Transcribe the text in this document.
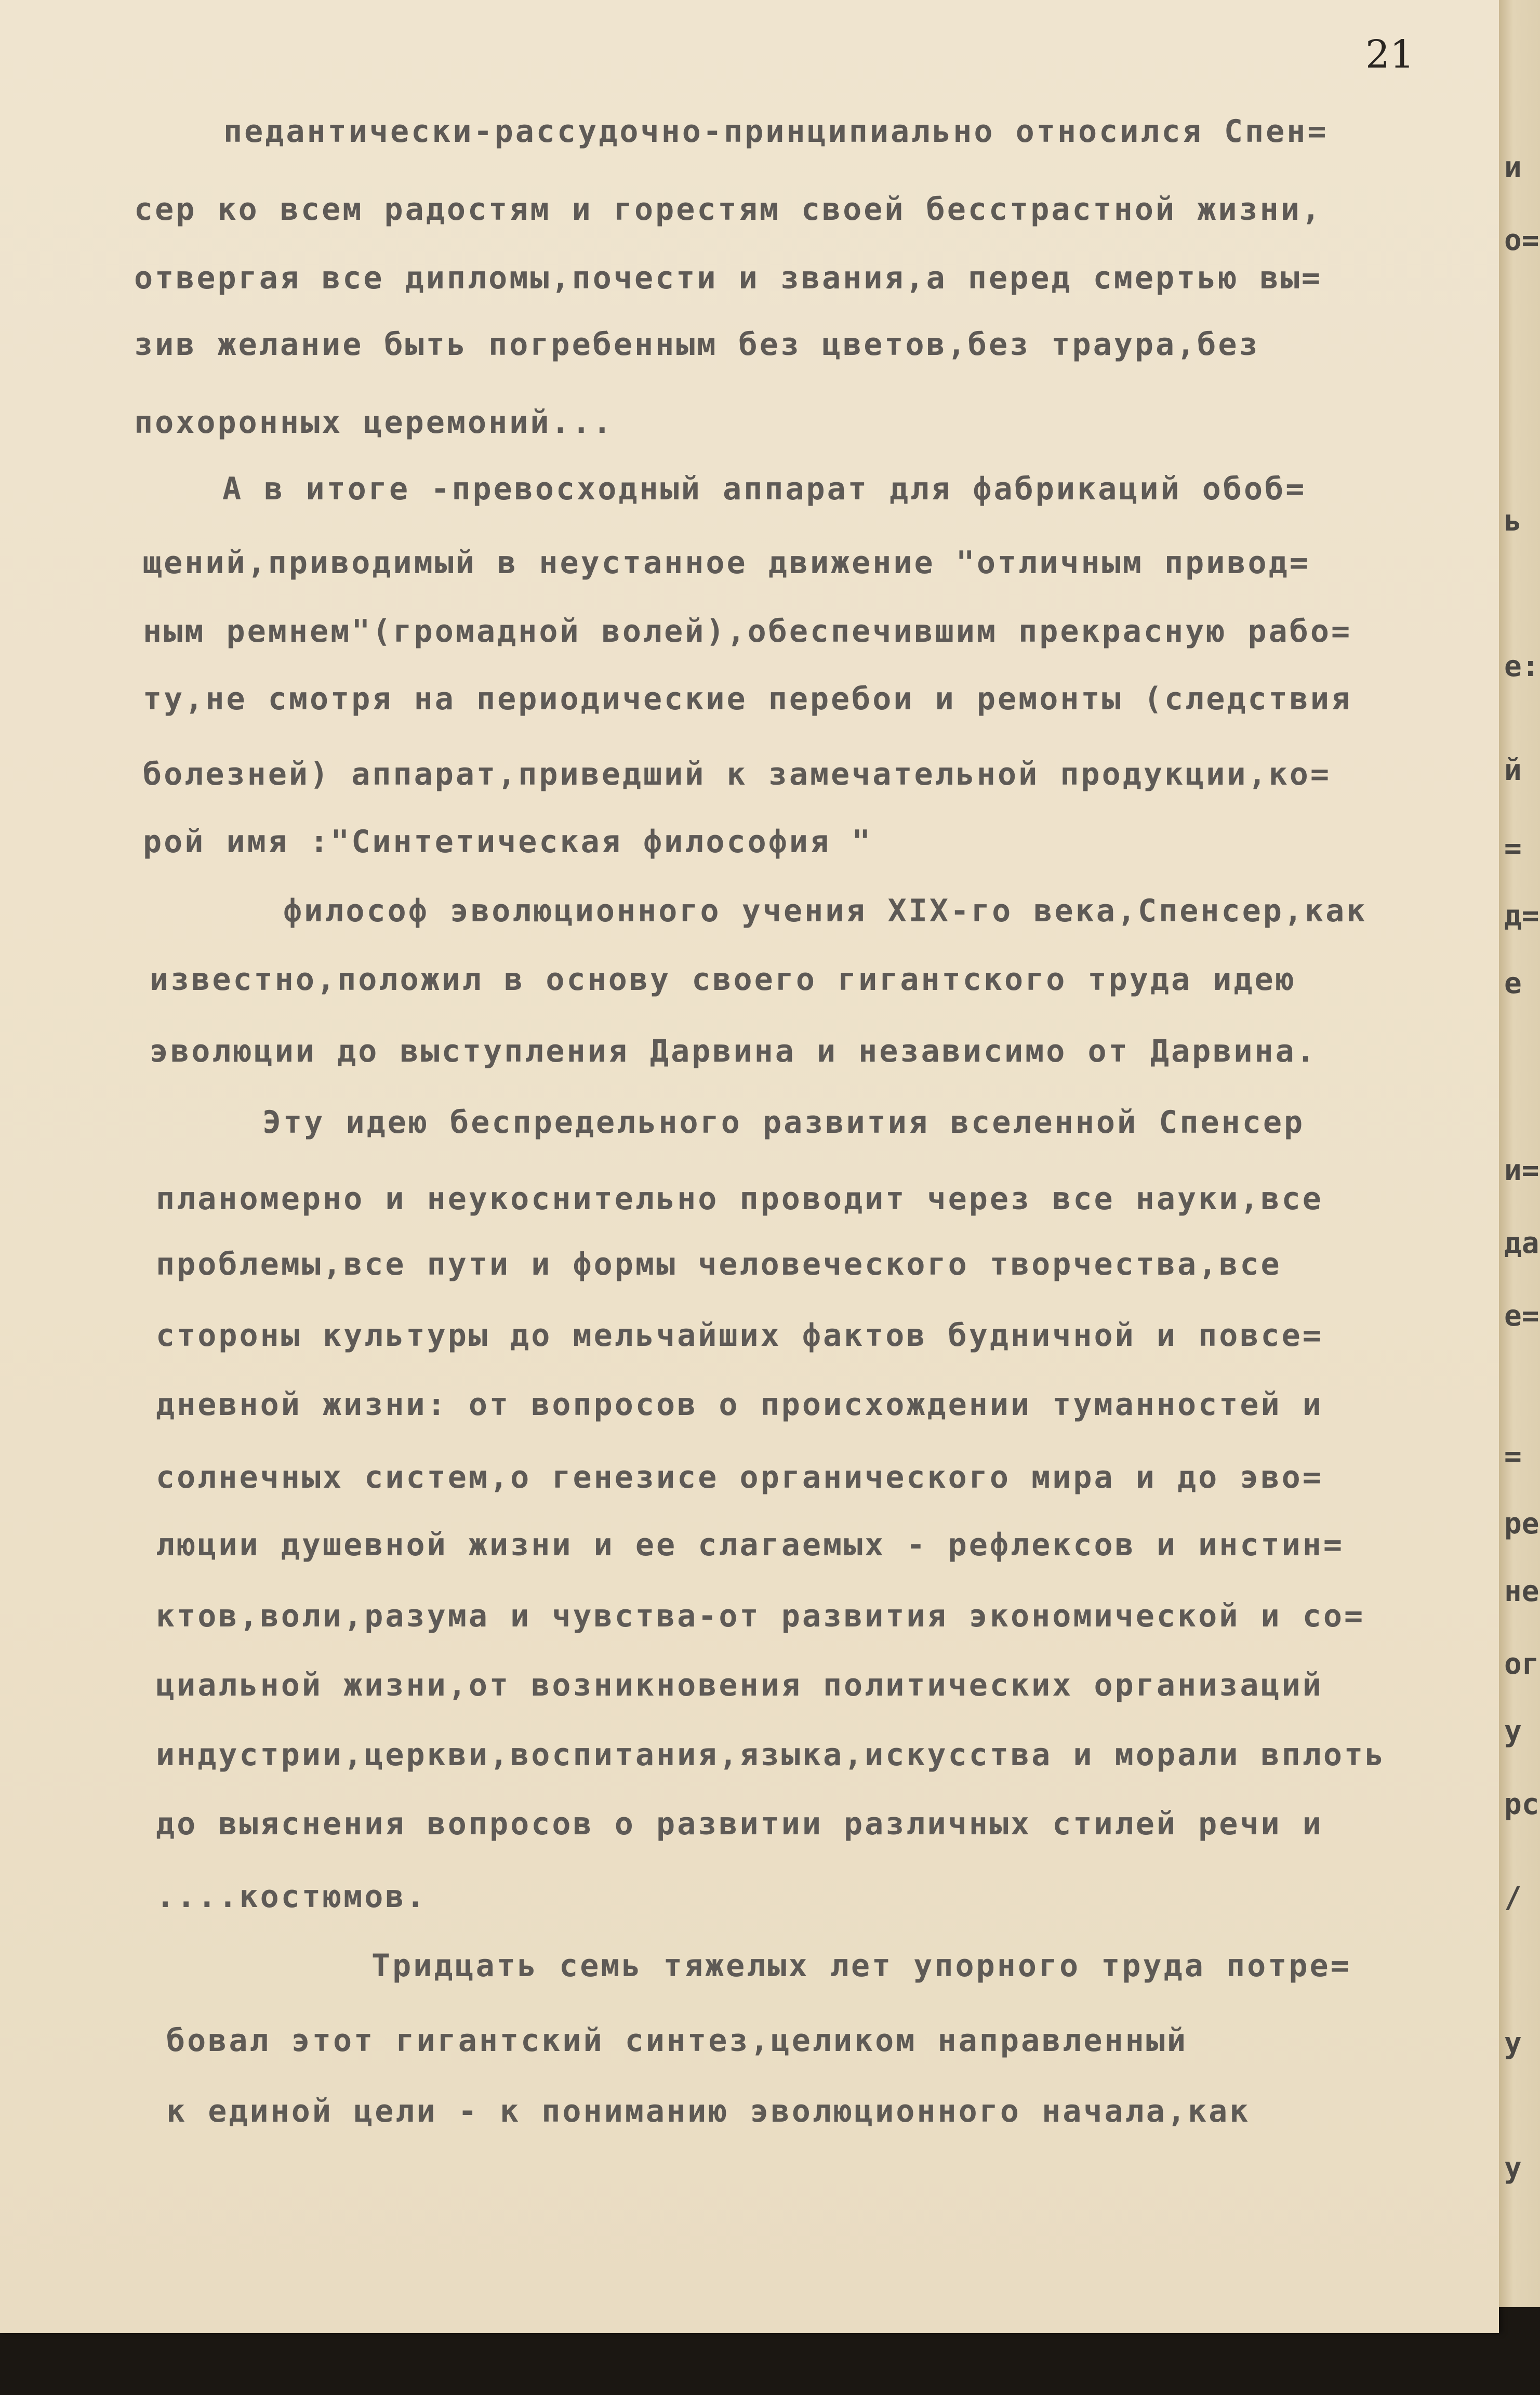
21

педантически-рассудочно-принципиально относился Спен=

сер ко всем радостям и горестям своей бесстрастной жизни,

отвергая все дипломы,почести и звания,а перед смертью вы=

зив желание быть погребенным без цветов,без траура,без

похоронных церемоний...

А в итоге -превосходный аппарат для фабрикаций обоб=

щений,приводимый в неустанное движение "отличным привод=

ным ремнем"(громадной волей),обеспечившим прекрасную рабо=

ту,не смотря на периодические перебои и ремонты (следствия

болезней) аппарат,приведший к замечательной продукции,ко=

рой имя :"Синтетическая философия "

философ эволюционного учения XIX-го века,Спенсер,как

известно,положил в основу своего гигантского труда идею

эволюции до выступления Дарвина и независимо от Дарвина.

Эту идею беспредельного развития вселенной Спенсер

планомерно и неукоснительно проводит через все науки,все

проблемы,все пути и формы человеческого творчества,все

стороны культуры до мельчайших фактов будничной и повсе=

дневной жизни: от вопросов о происхождении туманностей и

солнечных систем,о генезисе органического мира и до эво=

люции душевной жизни и ее слагаемых - рефлексов и инстин=

ктов,воли,разума и чувства-от развития экономической и со=

циальной жизни,от возникновения политических организаций

индустрии,церкви,воспитания,языка,искусства и морали вплоть

до выяснения вопросов о развитии различных стилей речи и

....костюмов.

Тридцать семь тяжелых лет упорного труда потре=

бовал этот гигантский синтез,целиком направленный

к единой цели - к пониманию эволюционного начала,как

и

о=

ь

е:

й

=

д=

е

и=

дa

е=

=

ре

не

ог

у

рс

/

у

у
